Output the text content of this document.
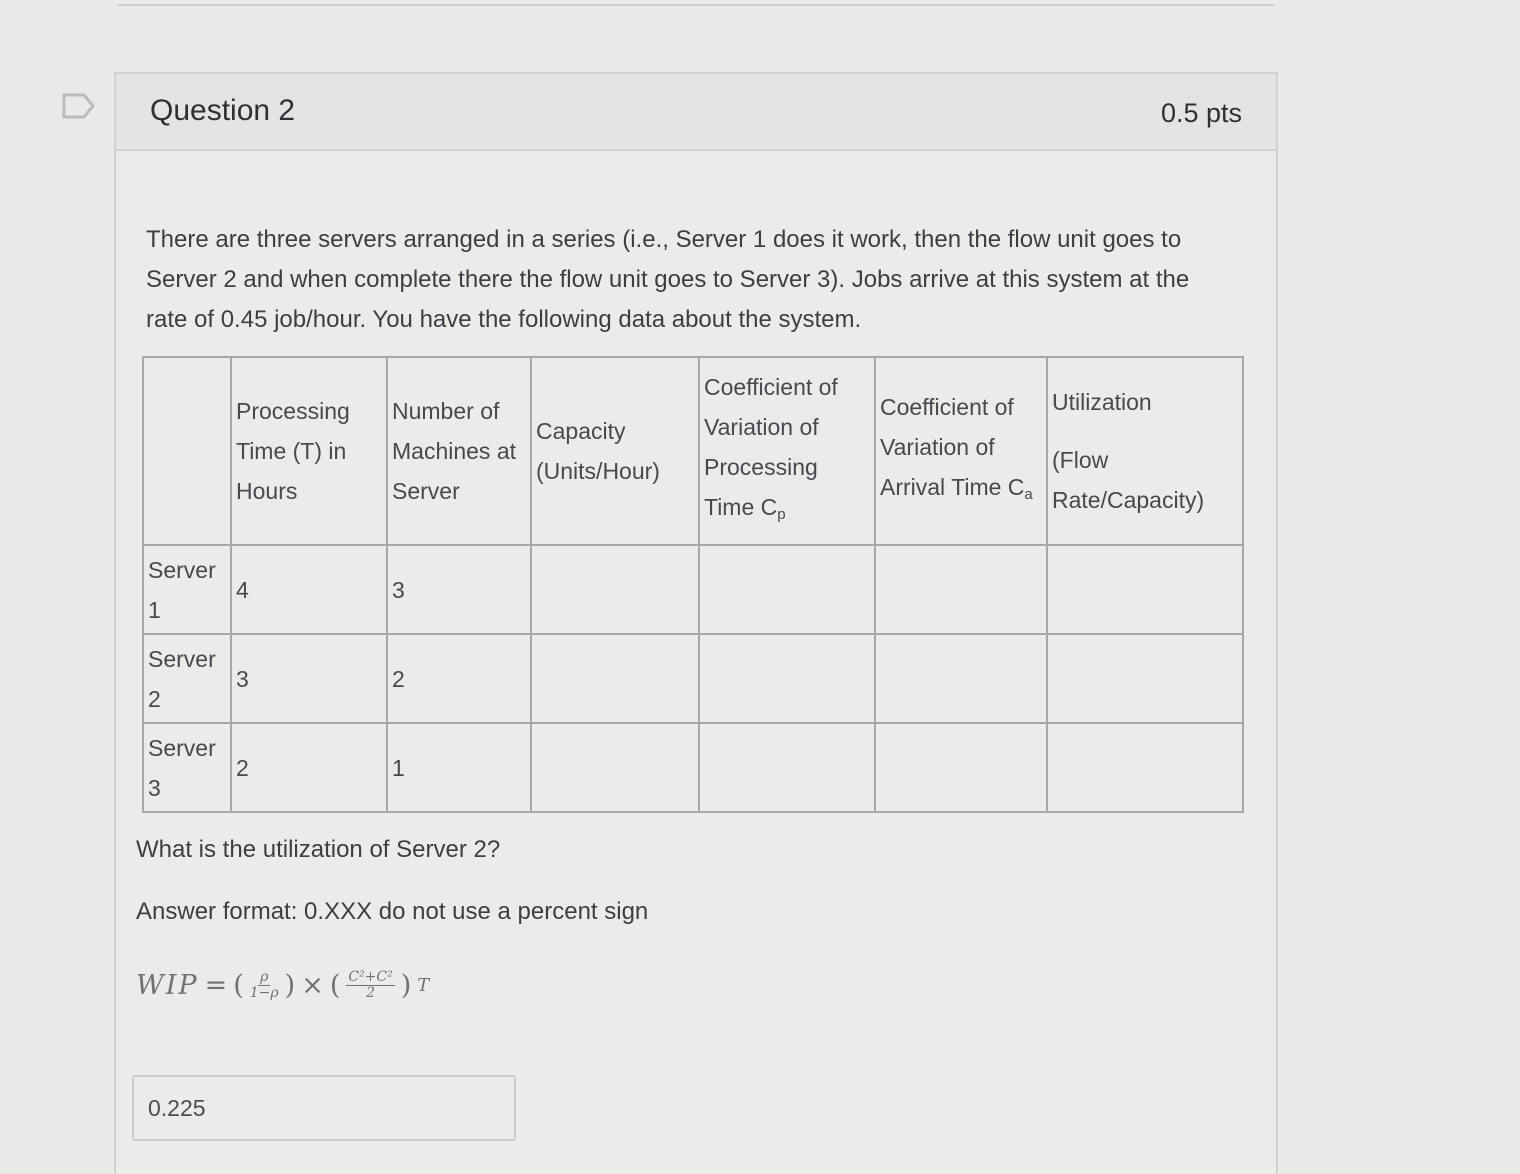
Question 2	0.5 pts

There are three servers arranged in a series (i.e., Server 1 does it work, then the flow unit goes to Server 2 and when complete there the flow unit goes to Server 3). Jobs arrive at this system at the rate of 0.45 job/hour. You have the following data about the system.

	Processing Time (T) in Hours	Number of Machines at Server	Capacity (Units/Hour)	Coefficient of Variation of Processing Time $C_p$	Coefficient of Variation of Arrival Time $C_a$	Utilization
(Flow Rate/Capacity)

Server 1	4	3				
Server 2	3	2				
Server 3	2	1				
What is the utilization of Server 2?
Answer format: 0.XXX do not use a percent sign
WIP = ( $\frac{\rho}{1-\rho}$ ) × ( $\frac{\text{C²+C²}}{2}$ ) T
0.225
